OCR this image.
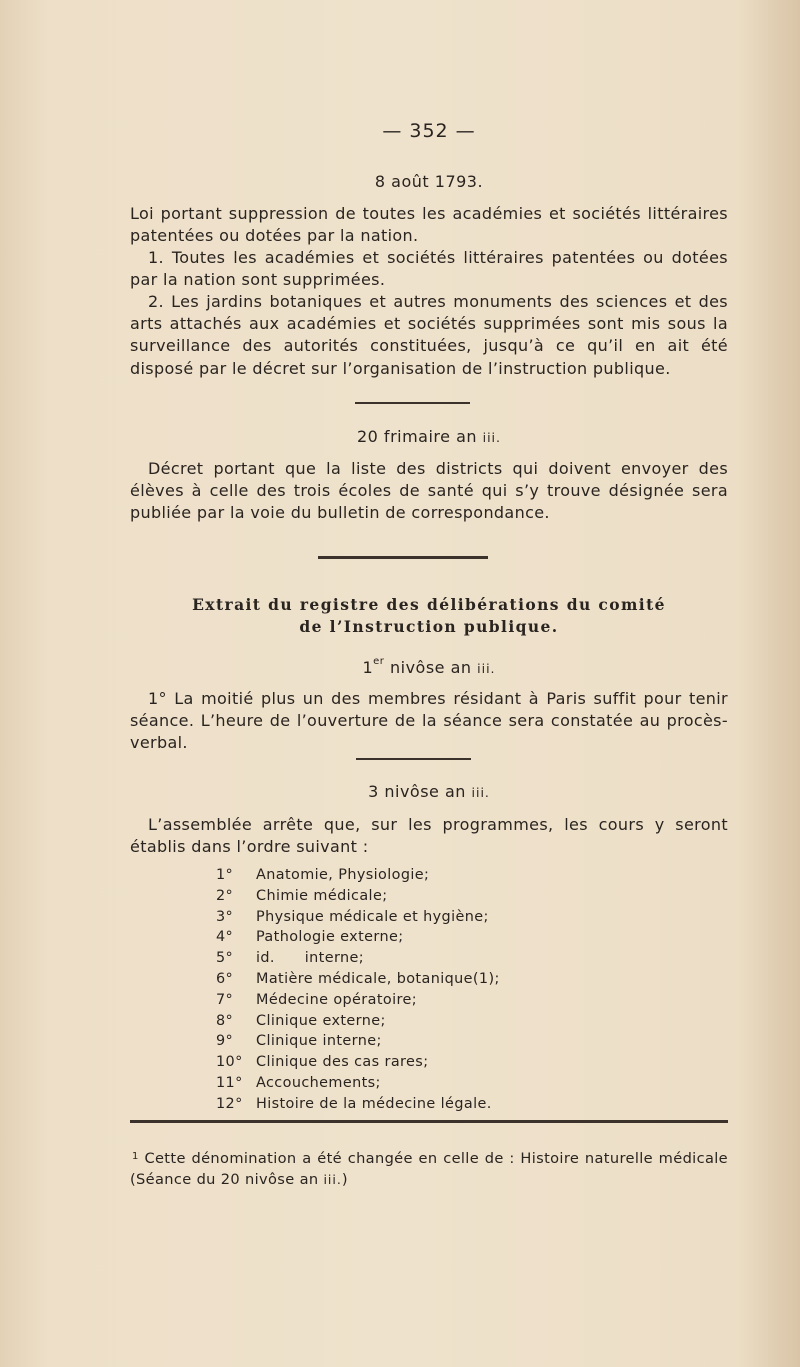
— 352 —
8 août 1793.
Loi portant suppression de toutes les académies et sociétés littéraires patentées ou dotées par la nation.
1. Toutes les académies et sociétés littéraires patentées ou dotées par la nation sont supprimées.
2. Les jardins botaniques et autres monuments des sciences et des arts attachés aux académies et sociétés supprimées sont mis sous la surveillance des autorités constituées, jusqu’à ce qu’il en ait été disposé par le décret sur l’organisation de l’instruction publique.
20 frimaire an iii.
Décret portant que la liste des districts qui doivent envoyer des élèves à celle des trois écoles de santé qui s’y trouve désignée sera publiée par la voie du bulletin de correspondance.
Extrait du registre des délibérations du comité
de l’Instruction publique.
1er nivôse an iii.
1° La moitié plus un des membres résidant à Paris suffit pour tenir séance. L’heure de l’ouverture de la séance sera constatée au procès-verbal.
3 nivôse an iii.
L’assemblée arrête que, sur les programmes, les cours y seront établis dans l’ordre suivant :
1°	Anatomie, Physiologie;
2°	Chimie médicale;
3°	Physique médicale et hygiène;
4°	Pathologie externe;
5°	id.      interne;
6°	Matière médicale, botanique(1);
7°	Médecine opératoire;
8°	Clinique externe;
9°	Clinique interne;
10° Clinique des cas rares;
11° Accouchements;
12° Histoire de la médecine légale.
$^1$ Cette dénomination a été changée en celle de : Histoire naturelle médicale (Séance du 20 nivôse an iii.)
